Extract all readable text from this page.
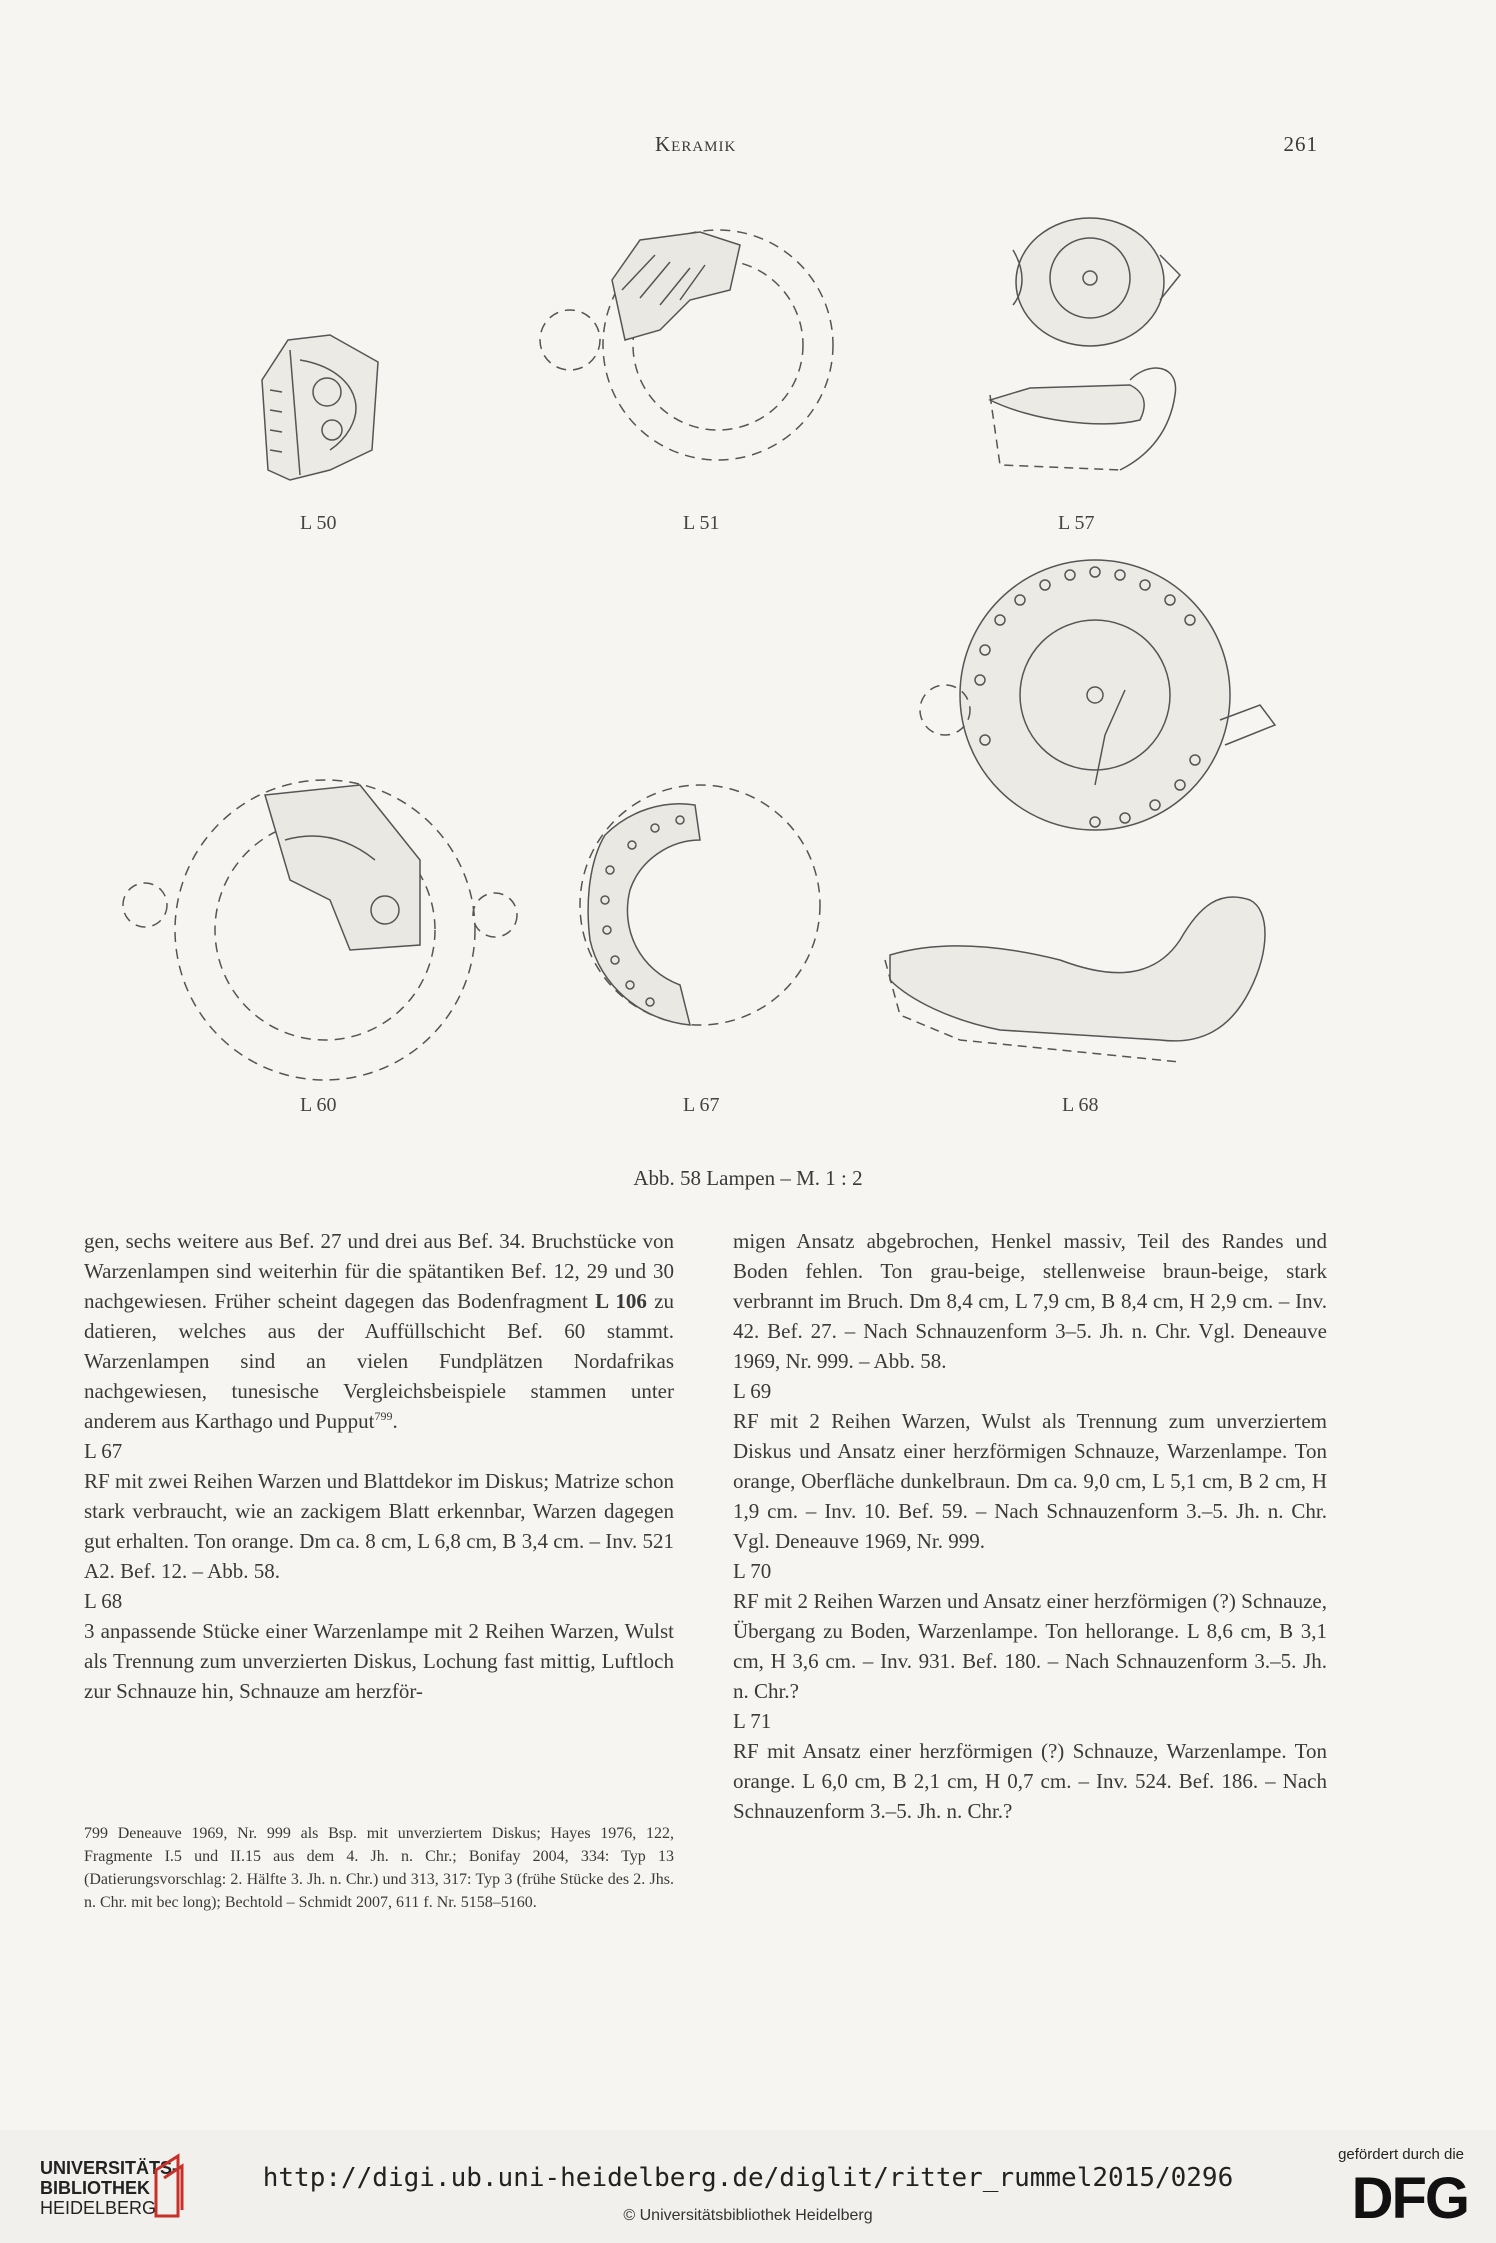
Keramik	261
L 50	L 51	L 57
L 60	L 67	L 68
Abb. 58 Lampen – M. 1 : 2

gen, sechs weitere aus Bef. 27 und drei aus Bef. 34. Bruchstücke von Warzenlampen sind weiterhin für die spätantiken Bef. 12, 29 und 30 nachgewiesen. Früher scheint dagegen das Bodenfragment L 106 zu datieren, welches aus der Auffüllschicht Bef. 60 stammt. Warzenlampen sind an vielen Fundplätzen Nordafrikas nachgewiesen, tunesische Vergleichsbeispiele stammen unter anderem aus Karthago und Pupput$^{799}$.

L 67

RF mit zwei Reihen Warzen und Blattdekor im Diskus; Matrize schon stark verbraucht, wie an zackigem Blatt erkennbar, Warzen dagegen gut erhalten. Ton orange. Dm ca. 8 cm, L 6,8 cm, B 3,4 cm. – Inv. 521 A2. Bef. 12. – Abb. 58.

L 68

3 anpassende Stücke einer Warzenlampe mit 2 Reihen Warzen, Wulst als Trennung zum unverzierten Diskus, Lochung fast mittig, Luftloch zur Schnauze hin, Schnauze am herzför-

migen Ansatz abgebrochen, Henkel massiv, Teil des Randes und Boden fehlen. Ton grau-beige, stellenweise braun-beige, stark verbrannt im Bruch. Dm 8,4 cm, L 7,9 cm, B 8,4 cm, H 2,9 cm. – Inv. 42. Bef. 27. – Nach Schnauzenform 3–5. Jh. n. Chr. Vgl. Deneauve 1969, Nr. 999. – Abb. 58.

L 69

RF mit 2 Reihen Warzen, Wulst als Trennung zum unverziertem Diskus und Ansatz einer herzförmigen Schnauze, Warzenlampe. Ton orange, Oberfläche dunkelbraun. Dm ca. 9,0 cm, L 5,1 cm, B 2 cm, H 1,9 cm. – Inv. 10. Bef. 59. – Nach Schnauzenform 3.–5. Jh. n. Chr. Vgl. Deneauve 1969, Nr. 999.

L 70

RF mit 2 Reihen Warzen und Ansatz einer herzförmigen (?) Schnauze, Übergang zu Boden, Warzenlampe. Ton hellorange. L 8,6 cm, B 3,1 cm, H 3,6 cm. – Inv. 931. Bef. 180. – Nach Schnauzenform 3.–5. Jh. n. Chr.?

L 71

RF mit Ansatz einer herzförmigen (?) Schnauze, Warzenlampe. Ton orange. L 6,0 cm, B 2,1 cm, H 0,7 cm. – Inv. 524. Bef. 186. – Nach Schnauzenform 3.–5. Jh. n. Chr.?

799 Deneauve 1969, Nr. 999 als Bsp. mit unverziertem Diskus; Hayes 1976, 122, Fragmente I.5 und II.15 aus dem 4. Jh. n. Chr.; Bonifay 2004, 334: Typ 13 (Datierungsvorschlag: 2. Hälfte 3. Jh. n. Chr.) und 313, 317: Typ 3 (frühe Stücke des 2. Jhs. n. Chr. mit bec long); Bechtold – Schmidt 2007, 611 f. Nr. 5158–5160.
UNIVERSITÄTS-
BIBLIOTHEK
HEIDELBERG
http://digi.ub.uni-heidelberg.de/diglit/ritter_rummel2015/0296
© Universitätsbibliothek Heidelberg
gefördert durch die
DFG
